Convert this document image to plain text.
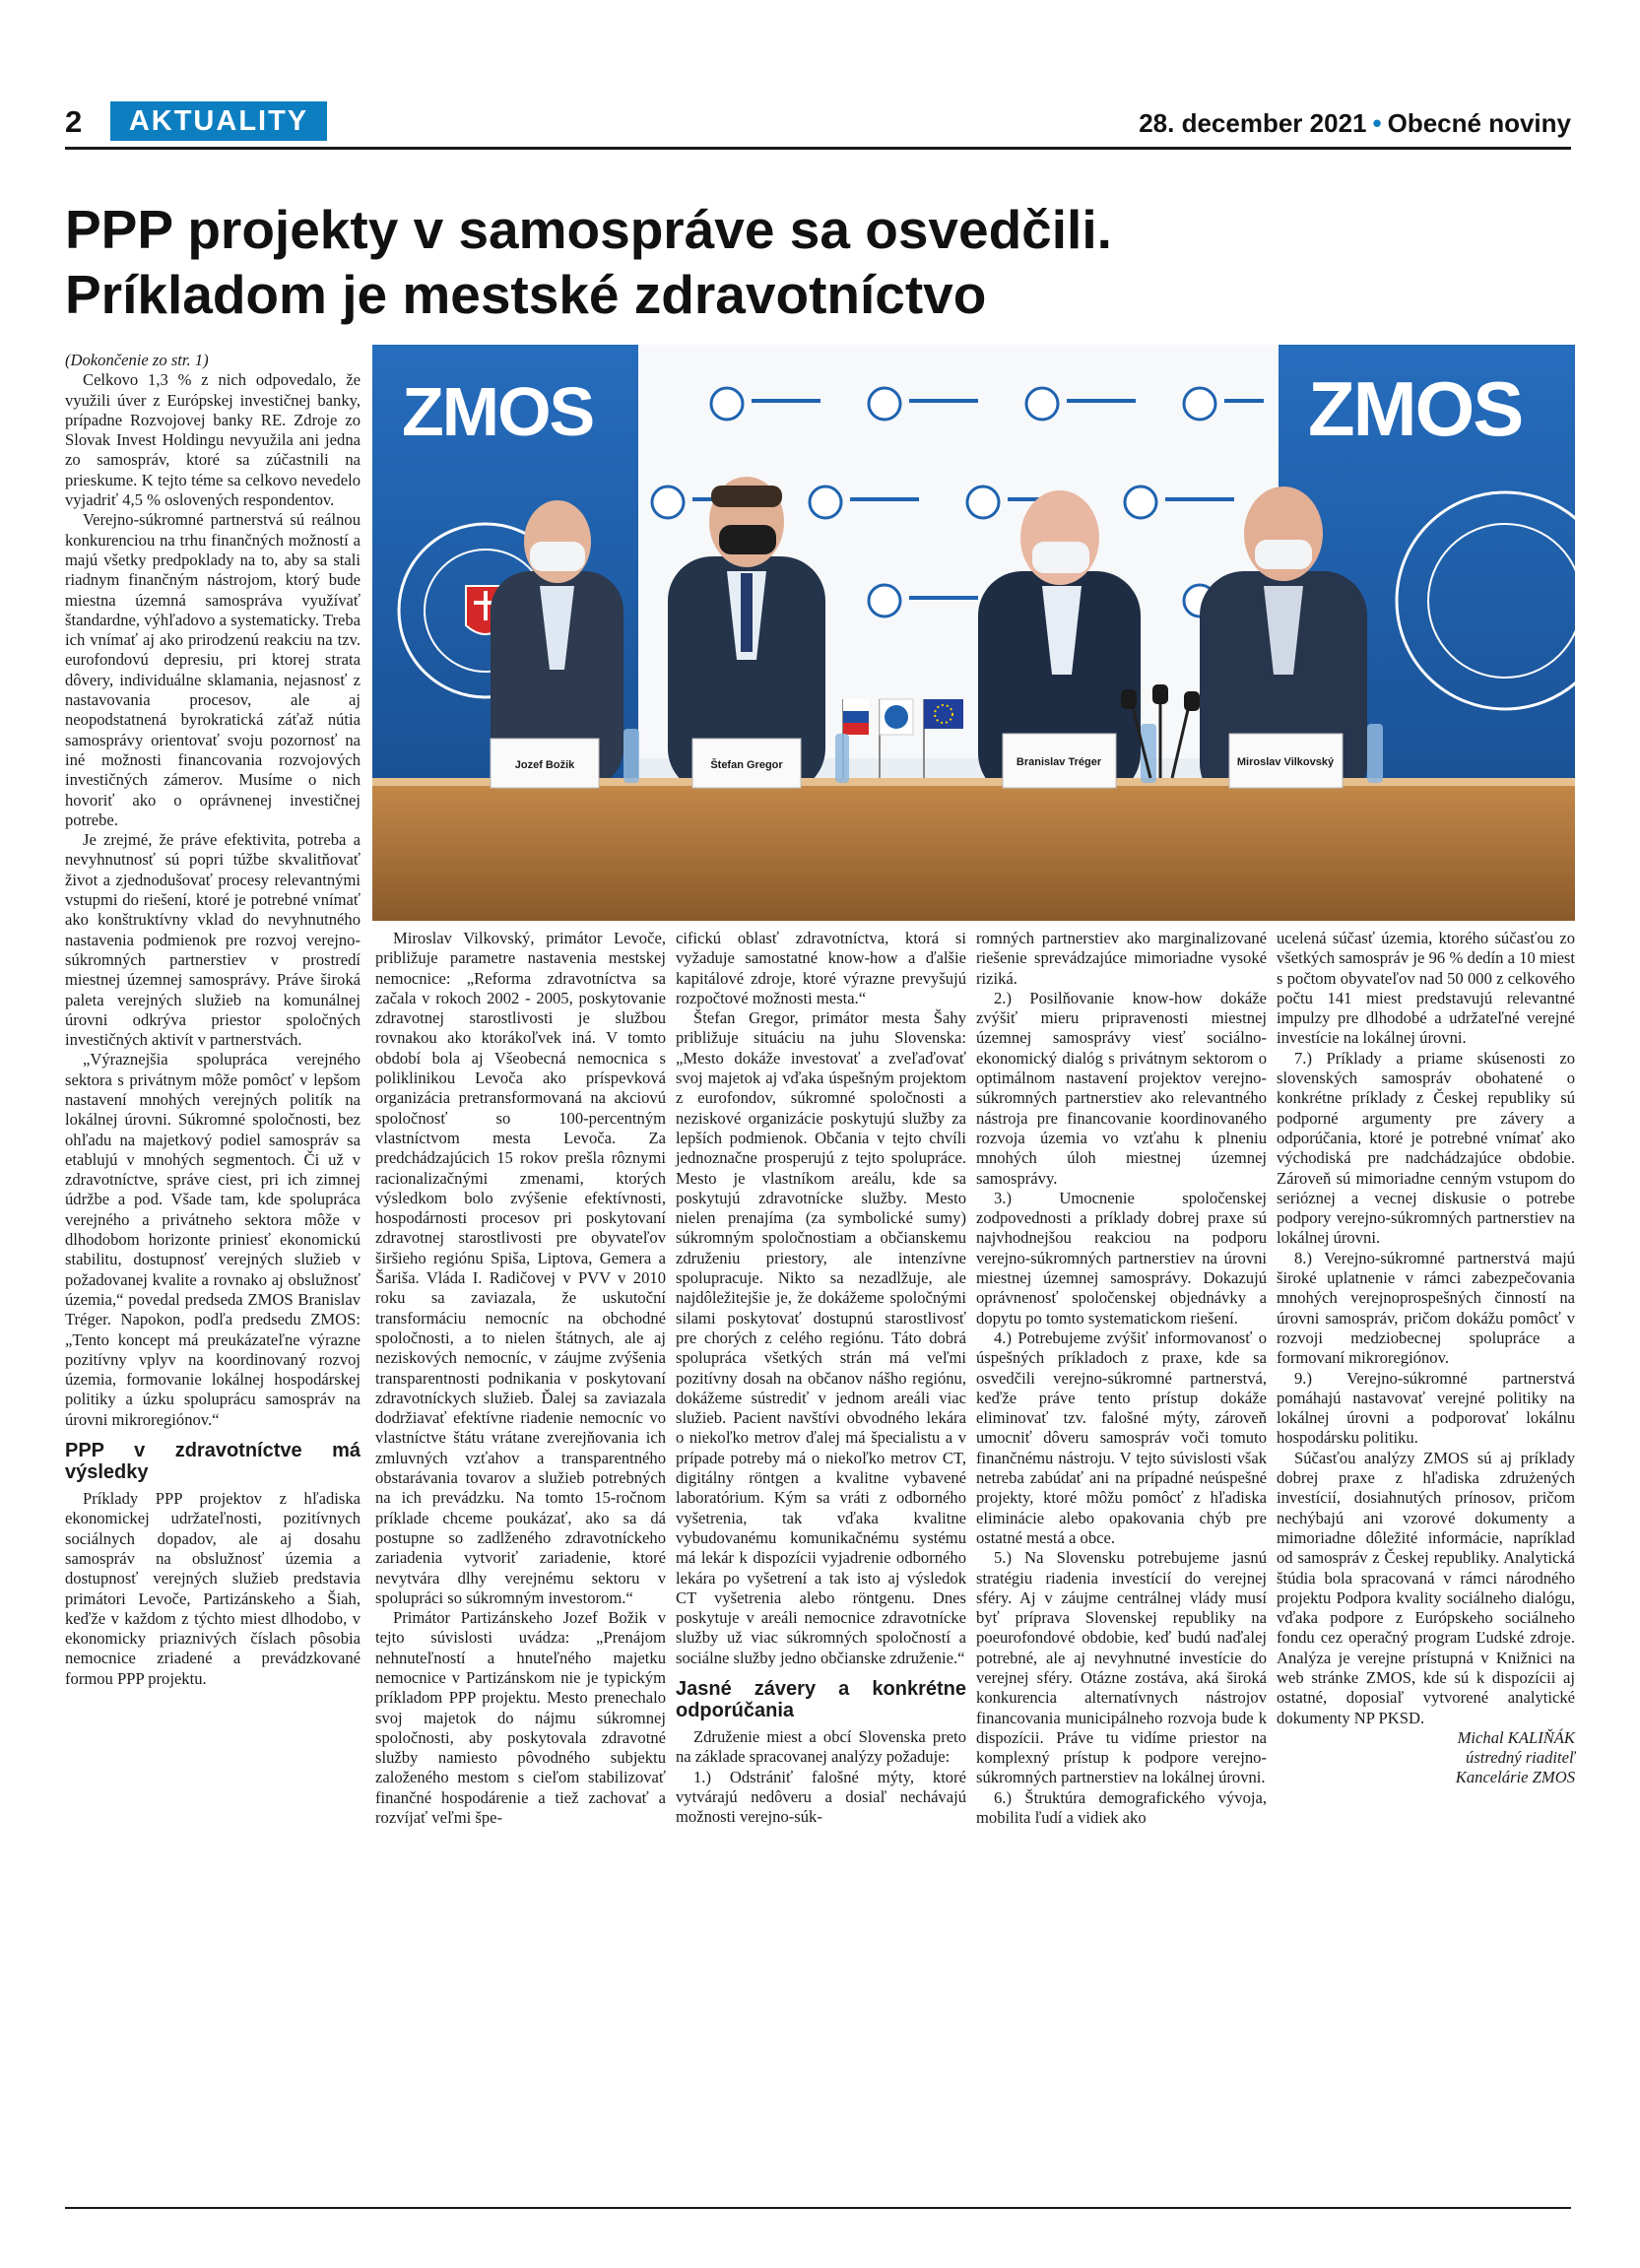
2	AKTUALITY	28. december 2021 • Obecné noviny
PPP projekty v samospráve sa osvedčili.
Príkladom je mestské zdravotníctvo

(Dokončenie zo str. 1)

Celkovo 1,3 % z nich odpovedalo, že využili úver z Európskej investičnej banky, prípadne Rozvojovej banky RE. Zdroje zo Slovak Invest Holdingu nevyužila ani jedna zo samospráv, ktoré sa zúčastnili na prieskume. K tejto téme sa celkovo nevedelo vyjadriť 4,5 % oslovených respondentov.

Verejno-súkromné partnerstvá sú reálnou konkurenciou na trhu finančných možností a majú všetky predpoklady na to, aby sa stali riadnym finančným nástrojom, ktorý bude miestna územná samospráva využívať štandardne, výhľadovo a systematicky. Treba ich vnímať aj ako prirodzenú reakciu na tzv. eurofondovú depresiu, pri ktorej strata dôvery, individuálne sklamania, nejasnosť z nastavovania procesov, ale aj neopodstatnená byrokratická záťaž nútia samosprávy orientovať svoju pozornosť na iné možnosti financovania rozvojových investičných zámerov. Musíme o nich hovoriť ako o oprávnenej investičnej potrebe.

Je zrejmé, že práve efektivita, potreba a nevyhnutnosť sú popri túžbe skvalitňovať život a zjednodušovať procesy relevantnými vstupmi do riešení, ktoré je potrebné vnímať ako konštruktívny vklad do nevyhnutného nastavenia podmienok pre rozvoj verejno-súkromných partnerstiev v prostredí miestnej územnej samosprávy. Práve široká paleta verejných služieb na komunálnej úrovni odkrýva priestor spoločných investičných aktivít v partnerstvách.

„Výraznejšia spolupráca verejného sektora s privátnym môže pomôcť v lepšom nastavení mnohých verejných politík na lokálnej úrovni. Súkromné spoločnosti, bez ohľadu na majetkový podiel samospráv sa etablujú v mnohých segmentoch. Či už v zdravotníctve, správe ciest, pri ich zimnej údržbe a pod. Všade tam, kde spolupráca verejného a privátneho sektora môže v dlhodobom horizonte priniesť ekonomickú stabilitu, dostupnosť verejných služieb v požadovanej kvalite a rovnako aj obslužnosť územia,“ povedal predseda ZMOS Branislav Tréger. Napokon, podľa predsedu ZMOS: „Tento koncept má preukázateľne výrazne pozitívny vplyv na koordinovaný rozvoj územia, formovanie lokálnej hospodárskej politiky a úzku spoluprácu samospráv na úrovni mikroregiónov.“

PPP v zdravotníctve má výsledky

Príklady PPP projektov z hľadiska ekonomickej udržateľnosti, pozitívnych sociálnych dopadov, ale aj dosahu samospráv na obslužnosť územia a dostupnosť verejných služieb predstavia primátori Levoče, Partizánskeho a Šiah, keďže v každom z týchto miest dlhodobo, v ekonomicky priaznivých číslach pôsobia nemocnice zriadené a prevádzkované formou PPP projektu.

ZMOS	ZMOS
Jozef Božik	Štefan Gregor	Branislav Tréger	Miroslav Vilkovský

Miroslav Vilkovský, primátor Levoče, približuje parametre nastavenia mestskej nemocnice: „Reforma zdravotníctva sa začala v rokoch 2002 - 2005, poskytovanie zdravotnej starostlivosti je službou rovnakou ako ktorákoľvek iná. V tomto období bola aj Všeobecná nemocnica s poliklinikou Levoča ako príspevková organizácia pretransformovaná na akciovú spoločnosť so 100-percentným vlastníctvom mesta Levoča. Za predchádzajúcich 15 rokov prešla rôznymi racionalizačnými zmenami, ktorých výsledkom bolo zvýšenie efektívnosti, hospodárnosti procesov pri poskytovaní zdravotnej starostlivosti pre obyvateľov širšieho regiónu Spiša, Liptova, Gemera a Šariša. Vláda I. Radičovej v PVV v 2010 roku sa zaviazala, že uskutoční transformáciu nemocníc na obchodné spoločnosti, a to nielen štátnych, ale aj neziskových nemocníc, v záujme zvýšenia transparentnosti podnikania v poskytovaní zdravotníckych služieb. Ďalej sa zaviazala dodržiavať efektívne riadenie nemocníc vo vlastníctve štátu vrátane zverejňovania ich zmluvných vzťahov a transparentného obstarávania tovarov a služieb potrebných na ich prevádzku. Na tomto 15-ročnom príklade chceme poukázať, ako sa dá postupne so zadlženého zdravotníckeho zariadenia vytvoriť zariadenie, ktoré nevytvára dlhy verejnému sektoru v spolupráci so súkromným investorom.“

Primátor Partizánskeho Jozef Božik v tejto súvislosti uvádza: „Prenájom nehnuteľností a hnuteľného majetku nemocnice v Partizánskom nie je typickým príkladom PPP projektu. Mesto prenechalo svoj majetok do nájmu súkromnej spoločnosti, aby poskytovala zdravotné služby namiesto pôvodného subjektu založeného mestom s cieľom stabilizovať finančné hospodárenie a tiež zachovať a rozvíjať veľmi špe-

cifickú oblasť zdravotníctva, ktorá si vyžaduje samostatné know-how a ďalšie kapitálové zdroje, ktoré výrazne prevyšujú rozpočtové možnosti mesta.“

Štefan Gregor, primátor mesta Šahy približuje situáciu na juhu Slovenska: „Mesto dokáže investovať a zveľaďovať svoj majetok aj vďaka úspešným projektom z eurofondov, súkromné spoločnosti a neziskové organizácie poskytujú služby za lepších podmienok. Občania v tejto chvíli jednoznačne prosperujú z tejto spolupráce. Mesto je vlastníkom areálu, kde sa poskytujú zdravotnícke služby. Mesto nielen prenajíma (za symbolické sumy) súkromným spoločnostiam a občianskemu združeniu priestory, ale intenzívne spolupracuje. Nikto sa nezadlžuje, ale najdôležitejšie je, že dokážeme spoločnými silami poskytovať dostupnú starostlivosť pre chorých z celého regiónu. Táto dobrá spolupráca všetkých strán má veľmi pozitívny dosah na občanov nášho regiónu, dokážeme sústrediť v jednom areáli viac služieb. Pacient navštívi obvodného lekára o niekoľko metrov ďalej má špecialistu a v prípade potreby má o niekoľko metrov CT, digitálny röntgen a kvalitne vybavené laboratórium. Kým sa vráti z odborného vyšetrenia, tak vďaka kvalitne vybudovanému komunikačnému systému má lekár k dispozícii vyjadrenie odborného lekára po vyšetrení a tak isto aj výsledok CT vyšetrenia alebo röntgenu. Dnes poskytuje v areáli nemocnice zdravotnícke služby už viac súkromných spoločností a sociálne služby jedno občianske združenie.“

Jasné závery a konkrétne odporúčania

Združenie miest a obcí Slovenska preto na základe spracovanej analýzy požaduje:

1.) Odstrániť falošné mýty, ktoré vytvárajú nedôveru a dosiaľ nechávajú možnosti verejno-súk-

romných partnerstiev ako marginalizované riešenie sprevádzajúce mimoriadne vysoké riziká.

2.) Posilňovanie know-how dokáže zvýšiť mieru pripravenosti miestnej územnej samosprávy viesť sociálno-ekonomický dialóg s privátnym sektorom o optimálnom nastavení projektov verejno-súkromných partnerstiev ako relevantného nástroja pre financovanie koordinovaného rozvoja územia vo vzťahu k plneniu mnohých úloh miestnej územnej samosprávy.

3.) Umocnenie spoločenskej zodpovednosti a príklady dobrej praxe sú najvhodnejšou reakciou na podporu verejno-súkromných partnerstiev na úrovni miestnej územnej samosprávy. Dokazujú oprávnenosť spoločenskej objednávky a dopytu po tomto systematickom riešení.

4.) Potrebujeme zvýšiť informovanosť o úspešných príkladoch z praxe, kde sa osvedčili verejno-súkromné partnerstvá, keďže práve tento prístup dokáže eliminovať tzv. falošné mýty, zároveň umocniť dôveru samospráv voči tomuto finančnému nástroju. V tejto súvislosti však netreba zabúdať ani na prípadné neúspešné projekty, ktoré môžu pomôcť z hľadiska eliminácie alebo opakovania chýb pre ostatné mestá a obce.

5.) Na Slovensku potrebujeme jasnú stratégiu riadenia investícií do verejnej sféry. Aj v záujme centrálnej vlády musí byť príprava Slovenskej republiky na poeurofondové obdobie, keď budú naďalej potrebné, ale aj nevyhnutné investície do verejnej sféry. Otázne zostáva, aká široká konkurencia alternatívnych nástrojov financovania municipálneho rozvoja bude k dispozícii. Práve tu vidíme priestor na komplexný prístup k podpore verejno-súkromných partnerstiev na lokálnej úrovni.

6.) Štruktúra demografického vývoja, mobilita ľudí a vidiek ako

ucelená súčasť územia, ktorého súčasťou zo všetkých samospráv je 96 % dedín a 10 miest s počtom obyvateľov nad 50 000 z celkového počtu 141 miest predstavujú relevantné impulzy pre dlhodobé a udržateľné verejné investície na lokálnej úrovni.

7.) Príklady a priame skúsenosti zo slovenských samospráv obohatené o konkrétne príklady z Českej republiky sú podporné argumenty pre závery a odporúčania, ktoré je potrebné vnímať ako východiská pre nadchádzajúce obdobie. Zároveň sú mimoriadne cenným vstupom do serióznej a vecnej diskusie o potrebe podpory verejno-súkromných partnerstiev na lokálnej úrovni.

8.) Verejno-súkromné partnerstvá majú široké uplatnenie v rámci zabezpečovania mnohých verejnoprospešných činností na úrovni samospráv, pričom dokážu pomôcť v rozvoji medziobecnej spolupráce a formovaní mikroregiónov.

9.) Verejno-súkromné partnerstvá pomáhajú nastavovať verejné politiky na lokálnej úrovni a podporovať lokálnu hospodársku politiku.

Súčasťou analýzy ZMOS sú aj príklady dobrej praxe z hľadiska zdrużených investícií, dosiahnutých prínosov, pričom nechýbajú ani vzorové dokumenty a mimoriadne dôležité informácie, napríklad od samospráv z Českej republiky. Analytická štúdia bola spracovaná v rámci národného projektu Podpora kvality sociálneho dialógu, vďaka podpore z Európskeho sociálneho fondu cez operačný program Ľudské zdroje. Analýza je verejne prístupná v Knižnici na web stránke ZMOS, kde sú k dispozícii aj ostatné, doposiaľ vytvorené analytické dokumenty NP PKSD.

Michal KALIŇÁK

ústredný riaditeľ

Kancelárie ZMOS
